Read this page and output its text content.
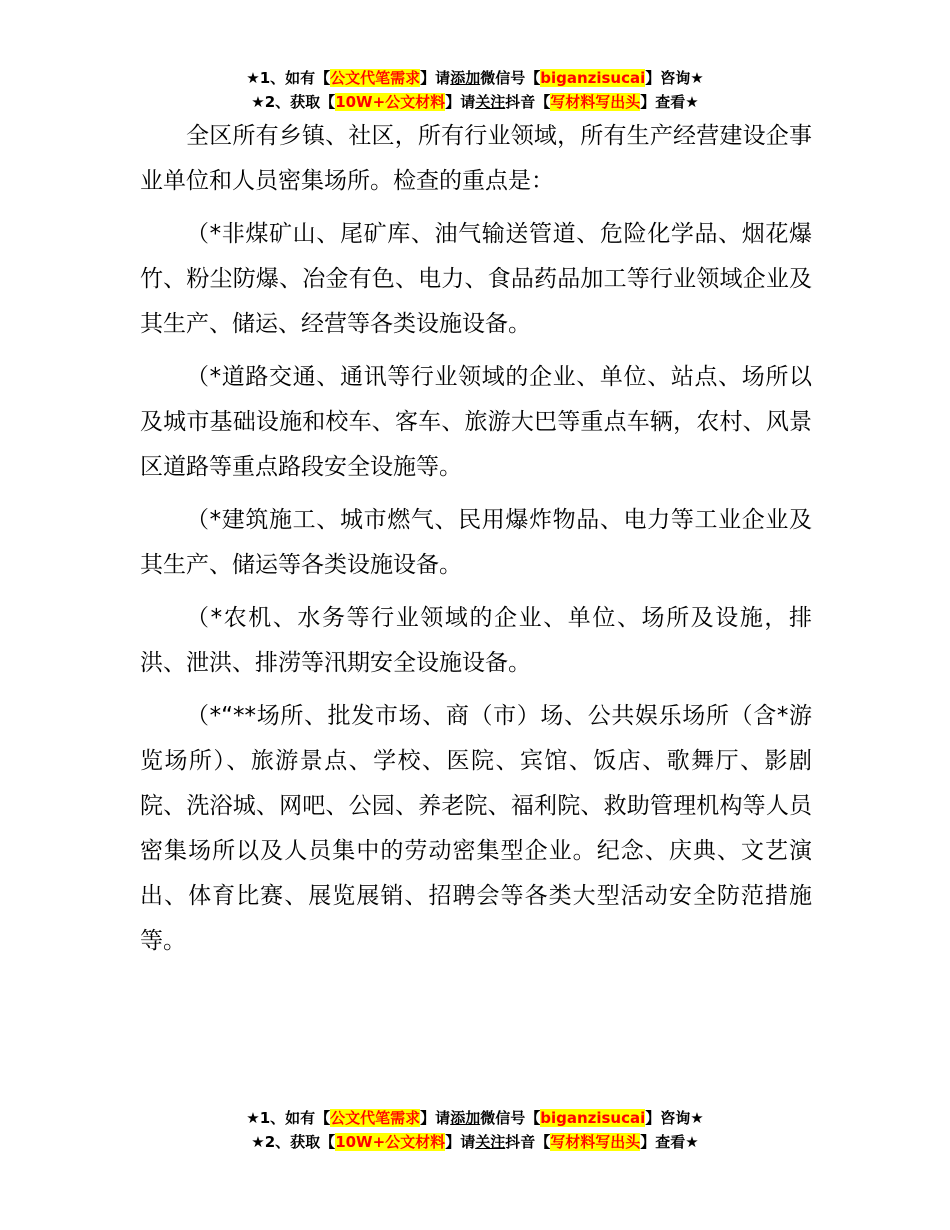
★1、如有【公文代笔需求】请添加微信号【biganzisucai】咨询★
★2、获取【10W+公文材料】请关注抖音【写材料写出头】查看★

全区所有乡镇、社区，所有行业领域，所有生产经营建设企事业单位和人员密集场所。检查的重点是：

（*非煤矿山、尾矿库、油气输送管道、危险化学品、烟花爆竹、粉尘防爆、冶金有色、电力、食品药品加工等行业领域企业及其生产、储运、经营等各类设施设备。

（*道路交通、通讯等行业领域的企业、单位、站点、场所以及城市基础设施和校车、客车、旅游大巴等重点车辆，农村、风景区道路等重点路段安全设施等。

（*建筑施工、城市燃气、民用爆炸物品、电力等工业企业及其生产、储运等各类设施设备。

（*农机、水务等行业领域的企业、单位、场所及设施，排洪、泄洪、排涝等汛期安全设施设备。

（*“**场所、批发市场、商（市）场、公共娱乐场所（含*游览场所）、旅游景点、学校、医院、宾馆、饭店、歌舞厅、影剧院、洗浴城、网吧、公园、养老院、福利院、救助管理机构等人员密集场所以及人员集中的劳动密集型企业。纪念、庆典、文艺演出、体育比赛、展览展销、招聘会等各类大型活动安全防范措施等。

★1、如有【公文代笔需求】请添加微信号【biganzisucai】咨询★
★2、获取【10W+公文材料】请关注抖音【写材料写出头】查看★
